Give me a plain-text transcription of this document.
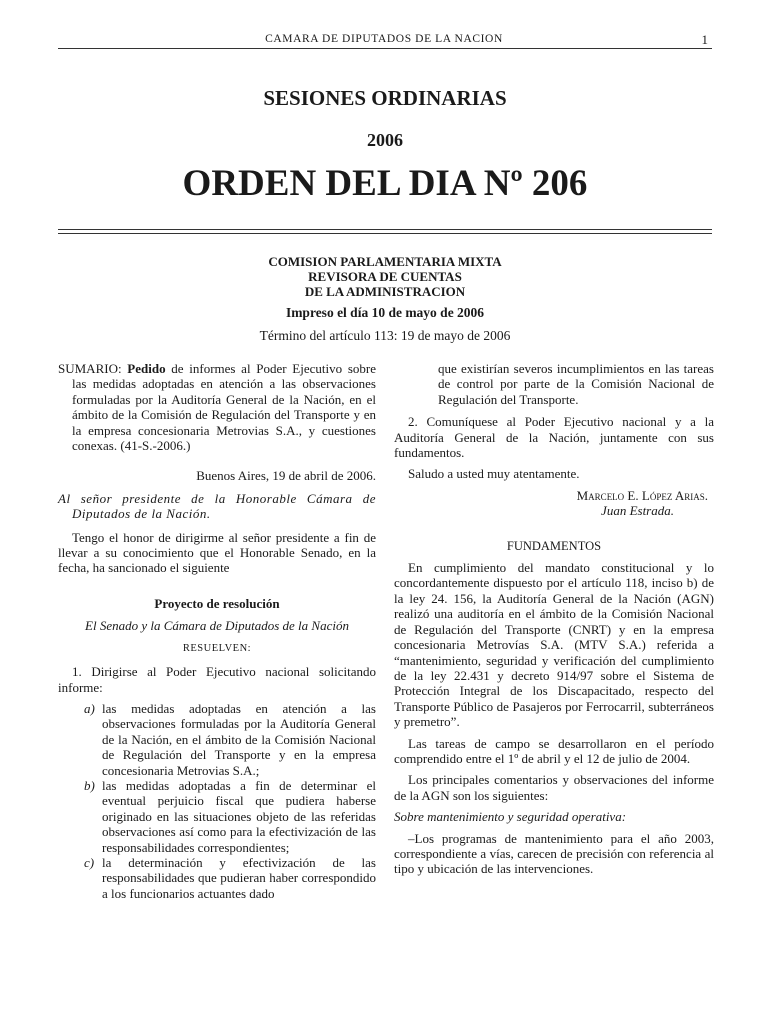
CAMARA DE DIPUTADOS DE LA NACION	1
SESIONES ORDINARIAS
2006
ORDEN DEL DIA Nº 206
COMISION PARLAMENTARIA MIXTA
REVISORA DE CUENTAS
DE LA ADMINISTRACION
Impreso el día 10 de mayo de 2006
Término del artículo 113: 19 de mayo de 2006

SUMARIO: Pedido de informes al Poder Ejecutivo sobre las medidas adoptadas en atención a las observaciones formuladas por la Auditoría General de la Nación, en el ámbito de la Comisión de Regulación del Transporte y en la empresa concesionaria Metrovias S.A., y cuestiones conexas. (41-S.-2006.)

Buenos Aires, 19 de abril de 2006.

Al señor presidente de la Honorable Cámara de Diputados de la Nación.

Tengo el honor de dirigirme al señor presidente a fin de llevar a su conocimiento que el Honorable Senado, en la fecha, ha sancionado el siguiente

Proyecto de resolución

El Senado y la Cámara de Diputados de la Nación

RESUELVEN:

1. Dirigirse al Poder Ejecutivo nacional solicitando informe:

a) las medidas adoptadas en atención a las observaciones formuladas por la Auditoría General de la Nación, en el ámbito de la Comisión Nacional de Regulación del Transporte y en la empresa concesionaria Metrovias S.A.;
b) las medidas adoptadas a fin de determinar el eventual perjuicio fiscal que pudiera haberse originado en las situaciones objeto de las referidas observaciones así como para la efectivización de las responsabilidades correspondientes;
c) la determinación y efectivización de las responsabilidades que pudieran haber correspondido a los funcionarios actuantes dado

que existirían severos incumplimientos en las tareas de control por parte de la Comisión Nacional de Regulación del Transporte.

2. Comuníquese al Poder Ejecutivo nacional y a la Auditoría General de la Nación, juntamente con sus fundamentos.

Saludo a usted muy atentamente.

Marcelo E. López Arias.

Juan Estrada.

FUNDAMENTOS

En cumplimiento del mandato constitucional y lo concordantemente dispuesto por el artículo 118, inciso b) de la ley 24. 156, la Auditoría General de la Nación (AGN) realizó una auditoría en el ámbito de la Comisión Nacional de Regulación del Transporte (CNRT) y en la empresa concesionaria Metrovías S.A. (MTV S.A.) referida a “mantenimiento, seguridad y verificación del cumplimiento de la ley 22.431 y decreto 914/97 sobre el Sistema de Protección Integral de los Discapacitado, respecto del Transporte Público de Pasajeros por Ferrocarril, subterráneos y premetro”.

Las tareas de campo se desarrollaron en el período comprendido entre el 1º de abril y el 12 de julio de 2004.

Los principales comentarios y observaciones del informe de la AGN son los siguientes:

Sobre mantenimiento y seguridad operativa:

–Los programas de mantenimiento para el año 2003, correspondiente a vías, carecen de precisión con referencia al tipo y ubicación de las intervenciones.
